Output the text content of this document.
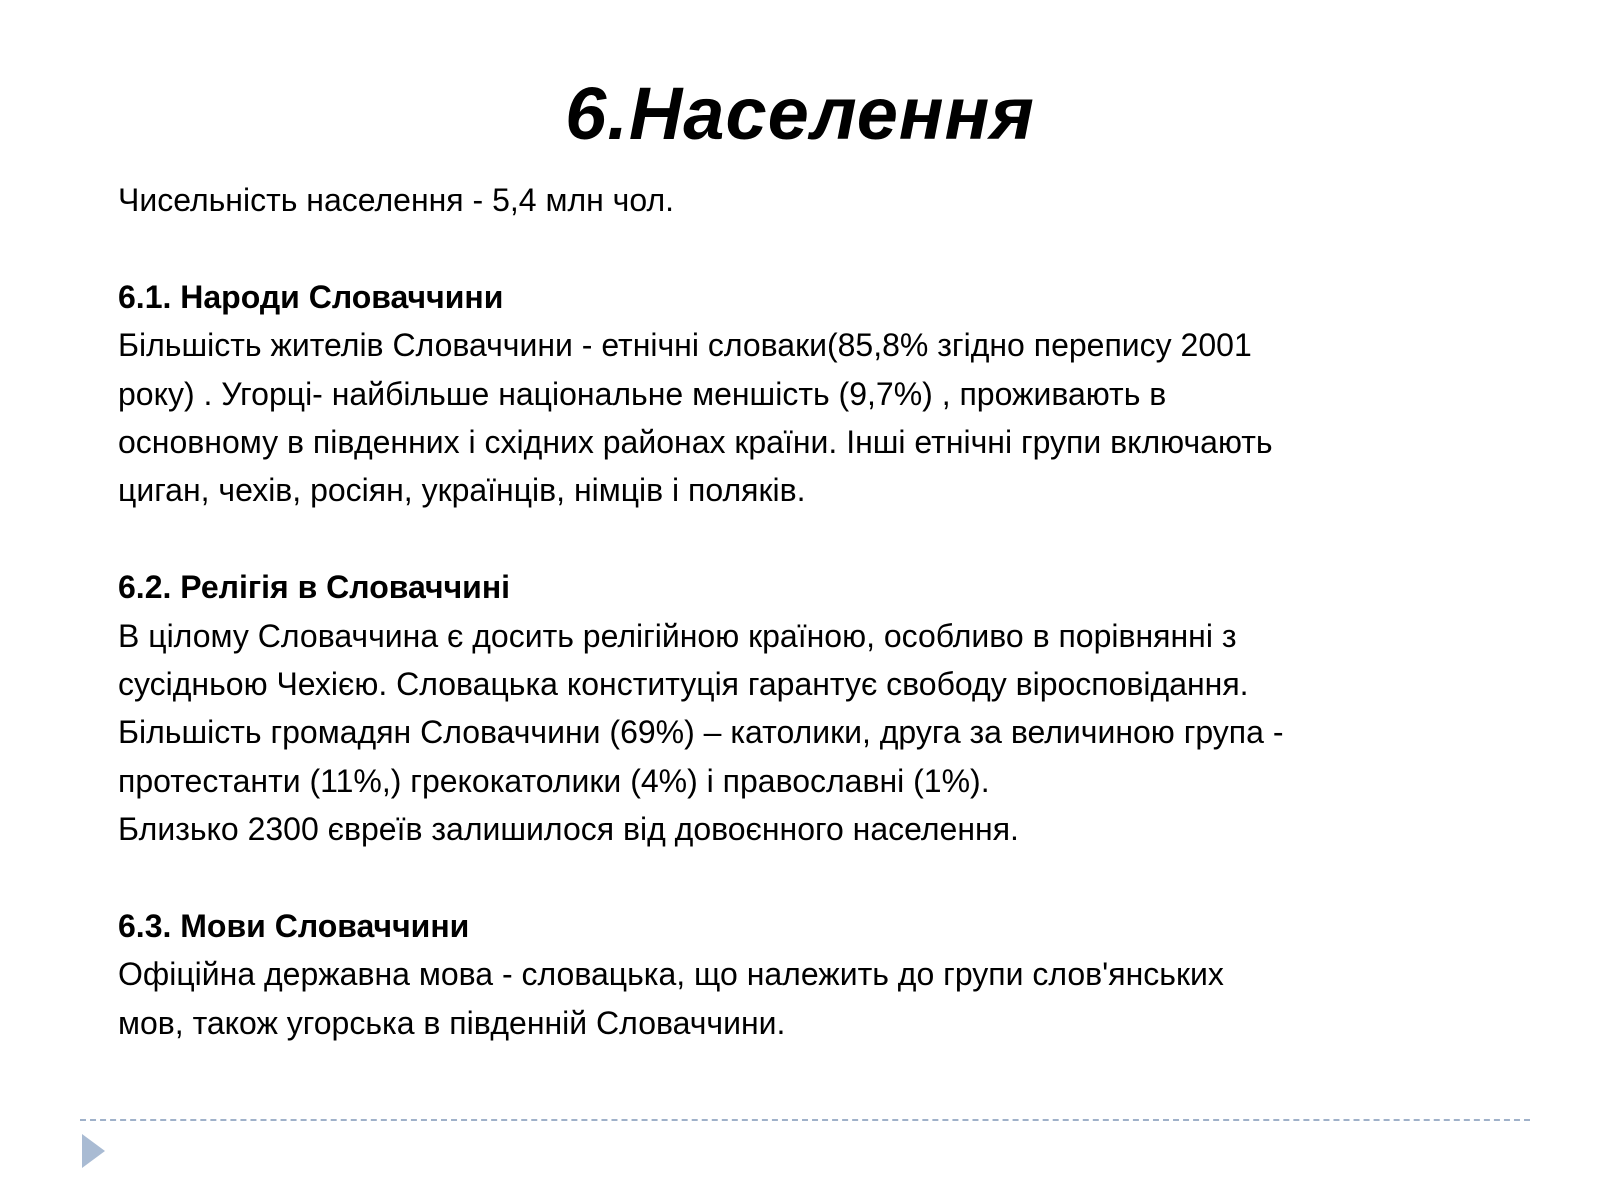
6.Населення

Чисельність населення - 5,4 млн чол.

6.1. Народи Словаччини

Більшість жителів Словаччини - етнічні словаки(85,8% згідно перепису 2001

року) . Угорці- найбільше національне меншість (9,7%) , проживають в

основному в південних і східних районах країни. Інші етнічні групи включають

циган, чехів, росіян, українців, німців і поляків.

6.2. Релігія в Словаччині

В цілому Словаччина є досить релігійною країною, особливо в порівнянні з

сусідньою Чехією. Словацька конституція гарантує свободу віросповідання.

Більшість громадян Словаччини (69%) – католики, друга за величиною група -

протестанти (11%,) грекокатолики (4%) і православні (1%).

Близько 2300 євреїв залишилося від довоєнного населення.

6.3. Мови Словаччини

Офіційна державна мова - словацька, що належить до групи слов'янських

мов, також угорська в південній Словаччини.
